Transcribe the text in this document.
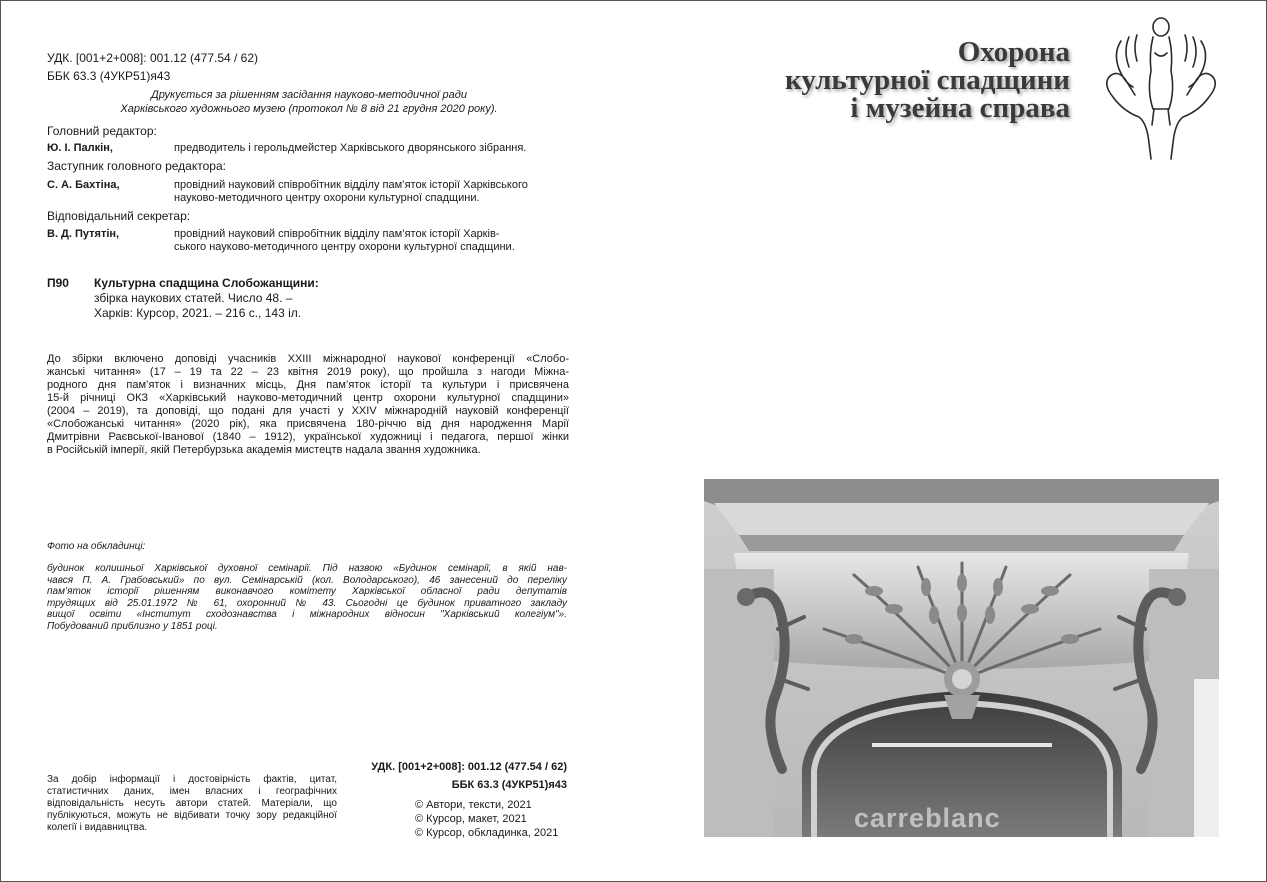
УДК. [001+2+008]: 001.12 (477.54 / 62)
ББК 63.3 (4УКР51)я43
Друкується за рішенням засідання науково-методичної ради
Харківського художнього музею (протокол № 8 від 21 грудня 2020 року).
Головний редактор:
Ю. І. Палкін,	предводитель і герольдмейстер Харківського дворянського зібрання.
Заступник головного редактора:
С. А. Бахтіна,	провідний науковий співробітник відділу пам’яток історії Харківського
науково-методичного центру охорони культурної спадщини.
Відповідальний секретар:
В. Д. Путятін,	провідний науковий співробітник відділу пам’яток історії Харків-
ського науково-методичного центру охорони культурної спадщини.
П90 Культурна спадщина Слобожанщини:
збірка наукових статей. Число 48. –
Харків: Курсор, 2021. – 216 с., 143 іл.
До збірки включено доповіді учасників XXIII міжнародної наукової конференції «Слобо-
жанські читання» (17 – 19 та 22 – 23 квітня 2019 року), що пройшла з нагоди Міжна-
родного дня пам’яток і визначних місць, Дня пам’яток історії та культури і присвячена
15-й річниці ОКЗ «Харківський науково-методичний центр охорони культурної спадщини»
(2004 – 2019), та доповіді, що подані для участі у XXIV міжнародній науковій конференції
«Слобожанські читання» (2020 рік), яка присвячена 180-річчю від дня народження Марії
Дмитрівни Раєвської-Іванової (1840 – 1912), української художниці і педагога, першої жінки
в Російській імперії, якій Петербурзька академія мистецтв надала звання художника.
Фото на обкладинці:
будинок колишньої Харківської духовної семінарії. Під назвою «Будинок семінарії, в якій нав-
чався П. А. Грабовський» по вул. Семінарській (кол. Володарського), 46 занесений до переліку
пам’яток історії рішенням виконавчого комітету Харківської обласної ради депутатів
трудящих від 25.01.1972 № 61, охоронний № 43. Сьогодні це будинок приватного закладу
вищої освіти «Інститут сходознавства і міжнародних відносин "Харківський колегіум"».
Побудований приблизно у 1851 році.
За добір інформації і достовірність фактів, цитат,
статистичних даних, імен власних і географічних
відповідальність несуть автори статей. Матеріали, що
публікуються, можуть не відбивати точку зору редакційної
колегії і видавництва.
УДК. [001+2+008]: 001.12 (477.54 / 62)
ББК 63.3 (4УКР51)я43
© Автори, тексти, 2021
© Курсор, макет, 2021
© Курсор, обкладинка, 2021
Охорона
культурної спадщини
і музейна справа
carreblanc
